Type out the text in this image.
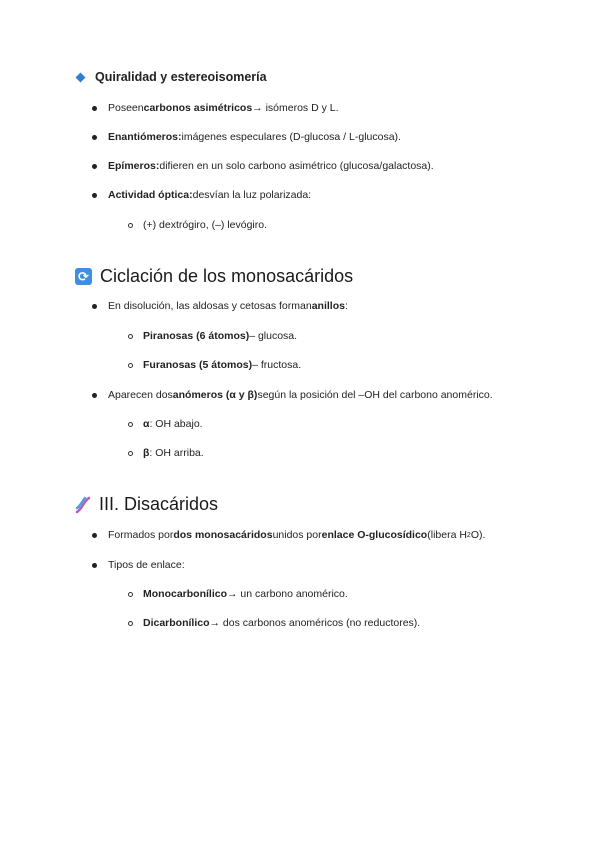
Quiralidad y estereoisomería
Poseen carbonos asimétricos → isómeros D y L.
Enantiómeros: imágenes especulares (D-glucosa / L-glucosa).
Epímeros: difieren en un solo carbono asimétrico (glucosa/galactosa).
Actividad óptica: desvían la luz polarizada:
(+) dextrógiro, (–) levógiro.
⟳ Ciclación de los monosacáridos
En disolución, las aldosas y cetosas forman anillos :
Piranosas (6 átomos) – glucosa.
Furanosas (5 átomos) – fructosa.
Aparecen dos anómeros (α y β) según la posición del –OH del carbono anomérico.
α : OH abajo.
β : OH arriba.
III. Disacáridos
Formados por dos monosacáridos unidos por enlace O-glucosídico (libera H 2 O).
Tipos de enlace:
Monocarbonílico → un carbono anomérico.
Dicarbonílico → dos carbonos anoméricos (no reductores).
